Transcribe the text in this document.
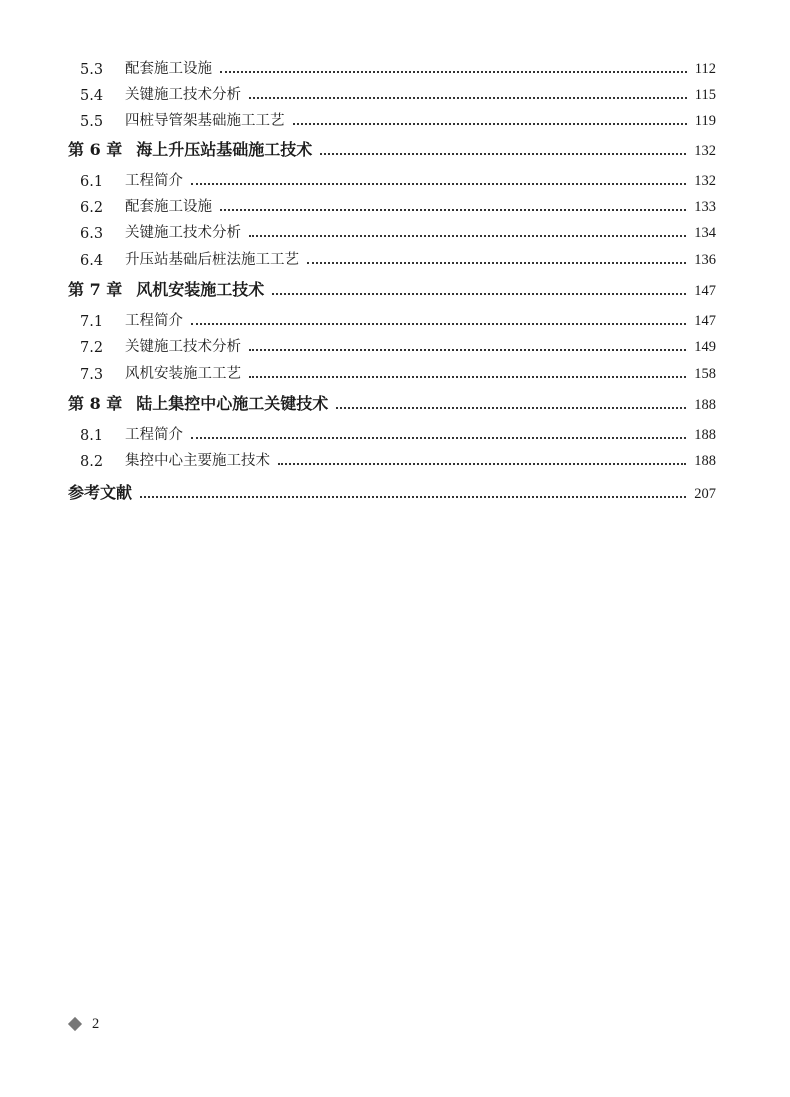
5.3	配套施工设施	112
5.4	关键施工技术分析	115
5.5	四桩导管架基础施工工艺	119
第 6 章 海上升压站基础施工技术	132
6.1	工程简介	132
6.2	配套施工设施	133
6.3	关键施工技术分析	134
6.4	升压站基础后桩法施工工艺	136
第 7 章 风机安装施工技术	147
7.1	工程简介	147
7.2	关键施工技术分析	149
7.3	风机安装施工工艺	158
第 8 章 陆上集控中心施工关键技术	188
8.1	工程简介	188
8.2	集控中心主要施工技术	188
参考文献	207
2
